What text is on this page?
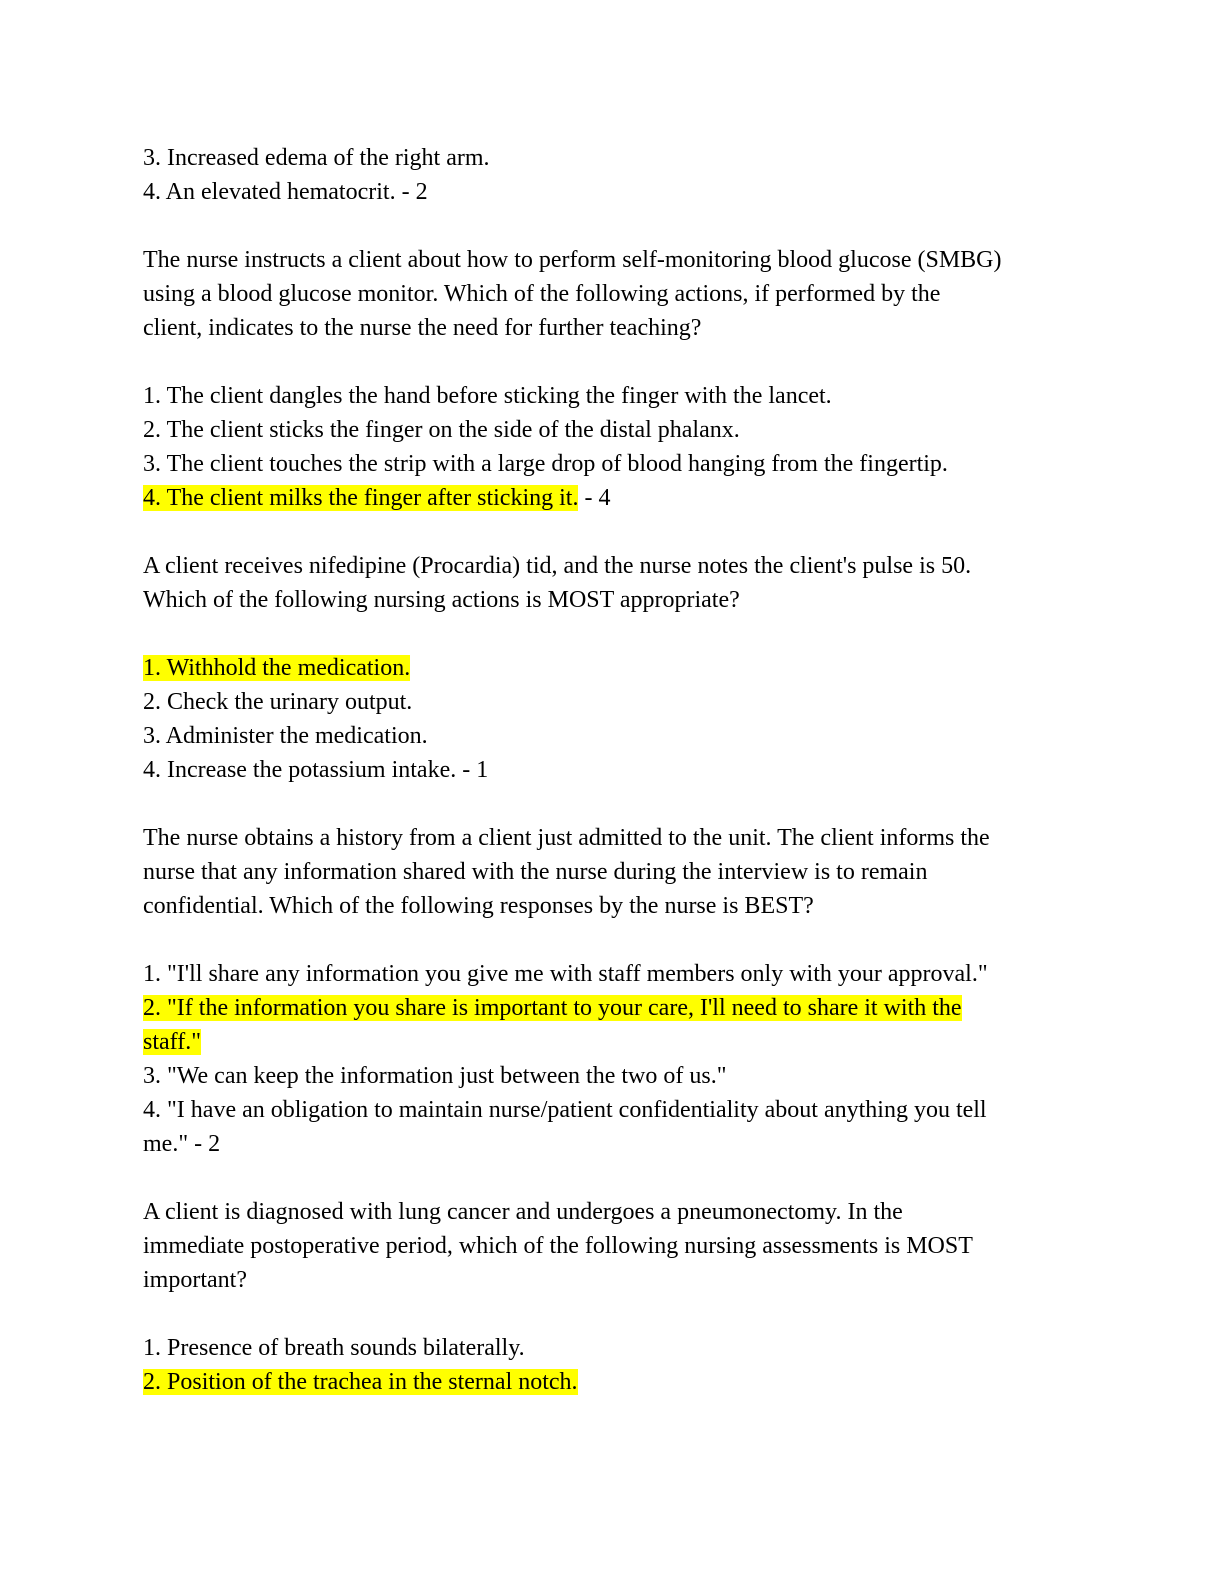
3. Increased edema of the right arm.
4. An elevated hematocrit. - 2
The nurse instructs a client about how to perform self-monitoring blood glucose (SMBG)
using a blood glucose monitor. Which of the following actions, if performed by the
client, indicates to the nurse the need for further teaching?
1. The client dangles the hand before sticking the finger with the lancet.
2. The client sticks the finger on the side of the distal phalanx.
3. The client touches the strip with a large drop of blood hanging from the fingertip.
4. The client milks the finger after sticking it. - 4
A client receives nifedipine (Procardia) tid, and the nurse notes the client's pulse is 50.
Which of the following nursing actions is MOST appropriate?
1. Withhold the medication.
2. Check the urinary output.
3. Administer the medication.
4. Increase the potassium intake. - 1
The nurse obtains a history from a client just admitted to the unit. The client informs the
nurse that any information shared with the nurse during the interview is to remain
confidential. Which of the following responses by the nurse is BEST?
1. "I'll share any information you give me with staff members only with your approval."
2. "If the information you share is important to your care, I'll need to share it with the
staff."
3. "We can keep the information just between the two of us."
4. "I have an obligation to maintain nurse/patient confidentiality about anything you tell
me." - 2
A client is diagnosed with lung cancer and undergoes a pneumonectomy. In the
immediate postoperative period, which of the following nursing assessments is MOST
important?
1. Presence of breath sounds bilaterally.
2. Position of the trachea in the sternal notch.
